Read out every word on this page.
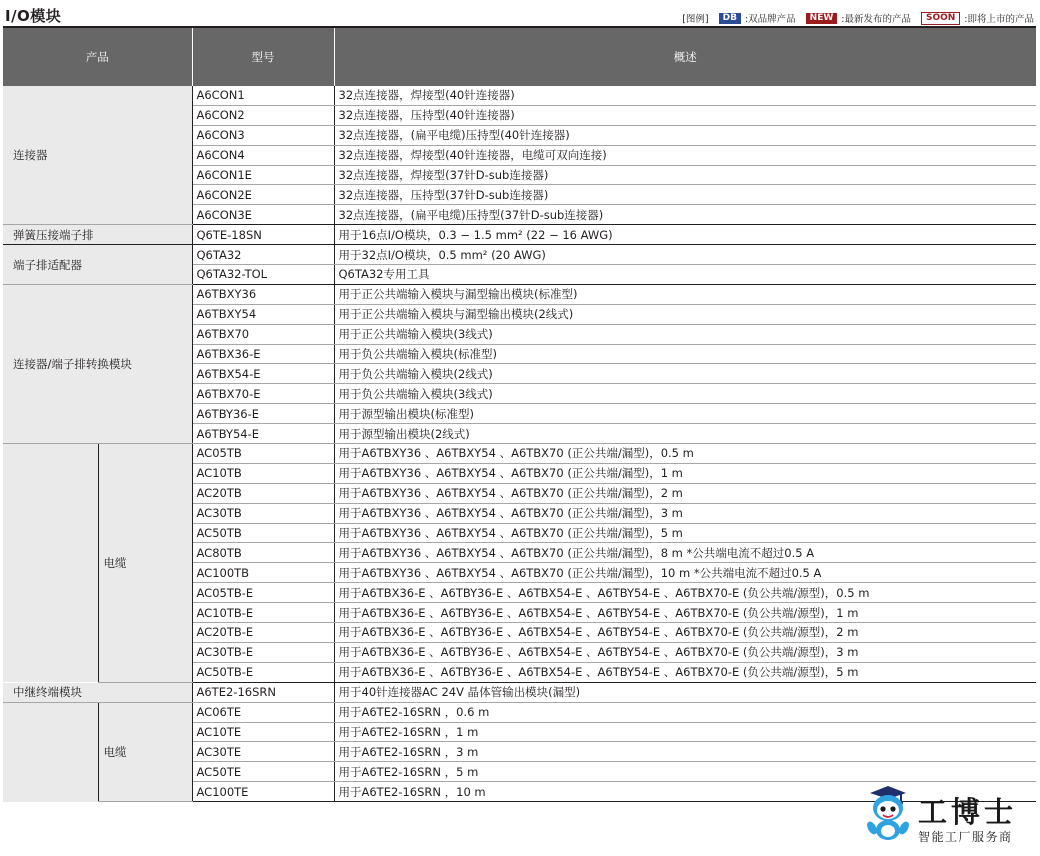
I/O模块	[图例]	DB :双品牌产品	NEW :最新发布的产品	SOON :即将上市的产品
产品		型号	概述
连接器		A6CON1	32点连接器，焊接型(40针连接器)
		A6CON2	32点连接器，压持型(40针连接器)
		A6CON3	32点连接器，(扁平电缆)压持型(40针连接器)
		A6CON4	32点连接器，焊接型(40针连接器，电缆可双向连接)
		A6CON1E	32点连接器，焊接型(37针D-sub连接器)
		A6CON2E	32点连接器，压持型(37针D-sub连接器)
		A6CON3E	32点连接器，(扁平电缆)压持型(37针D-sub连接器)
弹簧压接端子排		Q6TE-18SN	用于16点I/O模块，0.3 − 1.5 mm² (22 − 16 AWG)
端子排适配器		Q6TA32	用于32点I/O模块，0.5 mm² (20 AWG)
		Q6TA32-TOL	Q6TA32专用工具
连接器/端子排转换模块		A6TBXY36	用于正公共端输入模块与漏型输出模块(标准型)
		A6TBXY54	用于正公共端输入模块与漏型输出模块(2线式)
		A6TBX70	用于正公共端输入模块(3线式)
		A6TBX36-E	用于负公共端输入模块(标准型)
		A6TBX54-E	用于负公共端输入模块(2线式)
		A6TBX70-E	用于负公共端输入模块(3线式)
		A6TBY36-E	用于源型输出模块(标准型)
		A6TBY54-E	用于源型输出模块(2线式)
	电缆	AC05TB	用于A6TBXY36 、A6TBXY54 、A6TBX70 (正公共端/漏型)，0.5 m
		AC10TB	用于A6TBXY36 、A6TBXY54 、A6TBX70 (正公共端/漏型)，1 m
		AC20TB	用于A6TBXY36 、A6TBXY54 、A6TBX70 (正公共端/漏型)，2 m
		AC30TB	用于A6TBXY36 、A6TBXY54 、A6TBX70 (正公共端/漏型)，3 m
		AC50TB	用于A6TBXY36 、A6TBXY54 、A6TBX70 (正公共端/漏型)，5 m
		AC80TB	用于A6TBXY36 、A6TBXY54 、A6TBX70 (正公共端/漏型)，8 m *公共端电流不超过0.5 A
		AC100TB	用于A6TBXY36 、A6TBXY54 、A6TBX70 (正公共端/漏型)，10 m *公共端电流不超过0.5 A
		AC05TB-E	用于A6TBX36-E 、A6TBY36-E 、A6TBX54-E 、A6TBY54-E 、A6TBX70-E (负公共端/源型)，0.5 m
		AC10TB-E	用于A6TBX36-E 、A6TBY36-E 、A6TBX54-E 、A6TBY54-E 、A6TBX70-E (负公共端/源型)，1 m
		AC20TB-E	用于A6TBX36-E 、A6TBY36-E 、A6TBX54-E 、A6TBY54-E 、A6TBX70-E (负公共端/源型)，2 m
		AC30TB-E	用于A6TBX36-E 、A6TBY36-E 、A6TBX54-E 、A6TBY54-E 、A6TBX70-E (负公共端/源型)，3 m
		AC50TB-E	用于A6TBX36-E 、A6TBY36-E 、A6TBX54-E 、A6TBY54-E 、A6TBX70-E (负公共端/源型)，5 m
中继终端模块		A6TE2-16SRN	用于40针连接器AC 24V 晶体管输出模块(漏型)
	电缆	AC06TE	用于A6TE2-16SRN ，0.6 m
		AC10TE	用于A6TE2-16SRN ，1 m
		AC30TE	用于A6TE2-16SRN ，3 m
		AC50TE	用于A6TE2-16SRN ，5 m
		AC100TE	用于A6TE2-16SRN ，10 m
工博士
智能工厂服务商
